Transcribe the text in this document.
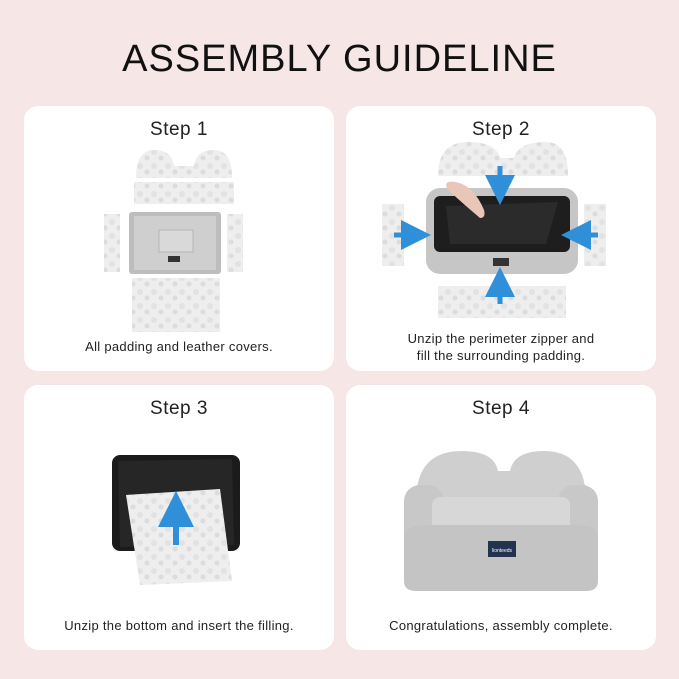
ASSEMBLY GUIDELINE
Step 1
All padding and leather covers.
Step 2
Unzip the perimeter zipper and
fill the surrounding padding.
Step 3
Unzip the bottom and insert the filling.
Step 4
lionteeds
Congratulations, assembly complete.
